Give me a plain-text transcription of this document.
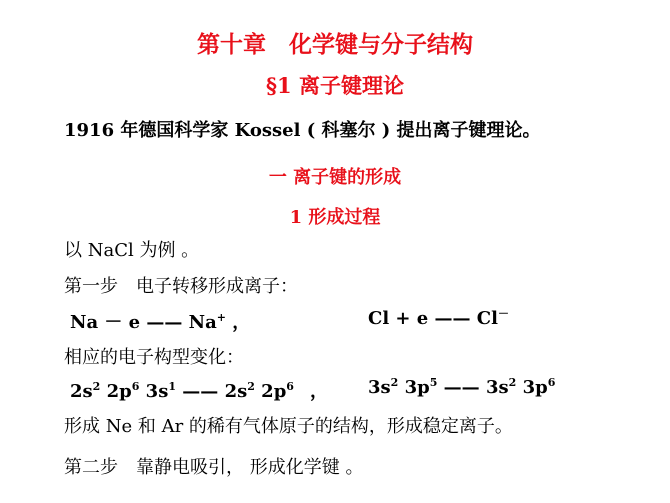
第十章　化学键与分子结构
§1 离子键理论
1916 年德国科学家 Kossel ( 科塞尔 ) 提出离子键理论。
一 离子键的形成
1 形成过程
以 NaCl 为例 。
第一步　电子转移形成离子：
Na － e —— Na+ ，	Cl + e —— Cl－
相应的电子构型变化：
$2s^2$ $2p^6$ $3s^1$ —— $2s^2$ $2p^6$ ， $3s^2$ $3p^5$ —— $3s^2$ $3p^6$
形成 Ne 和 Ar 的稀有气体原子的结构，形成稳定离子。
第二步　靠静电吸引， 形成化学键 。
